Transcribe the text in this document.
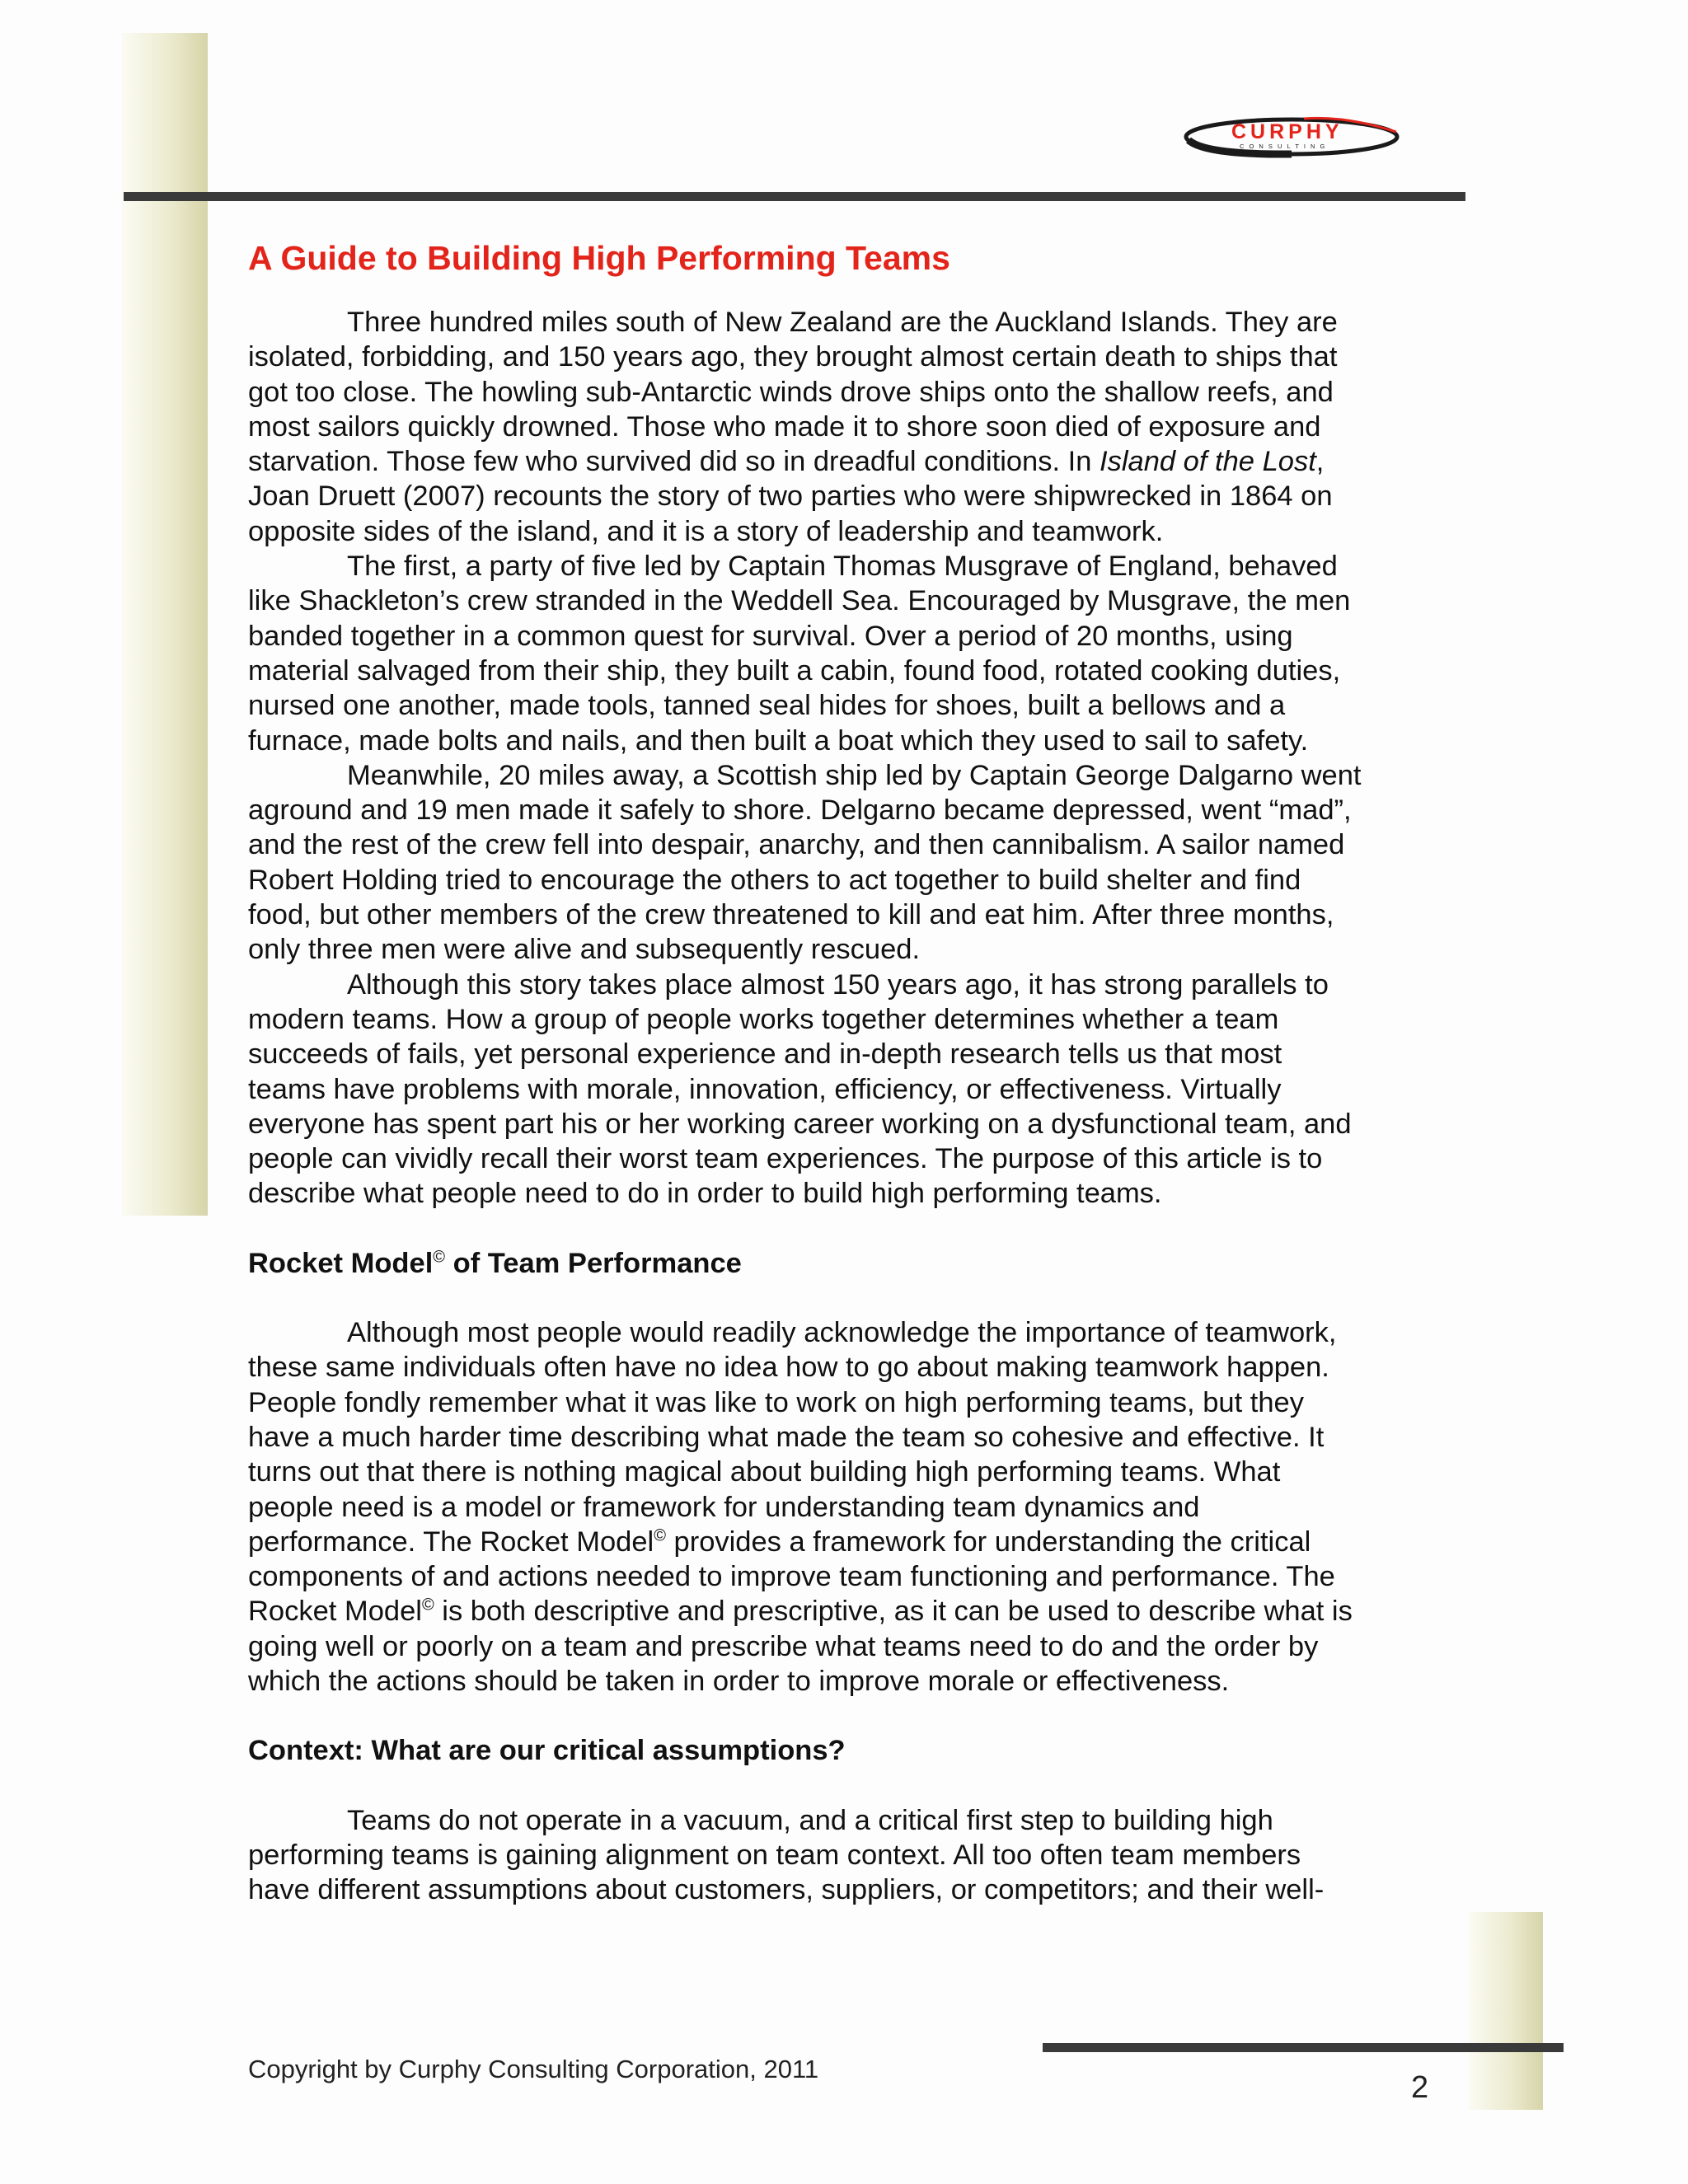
CURPHY
C O N S U L T I N G
A Guide to Building High Performing Teams

Three hundred miles south of New Zealand are the Auckland Islands. They are
isolated, forbidding, and 150 years ago, they brought almost certain death to ships that
got too close. The howling sub-Antarctic winds drove ships onto the shallow reefs, and
most sailors quickly drowned. Those who made it to shore soon died of exposure and
starvation. Those few who survived did so in dreadful conditions. In Island of the Lost,
Joan Druett (2007) recounts the story of two parties who were shipwrecked in 1864 on
opposite sides of the island, and it is a story of leadership and teamwork.

The first, a party of five led by Captain Thomas Musgrave of England, behaved
like Shackleton’s crew stranded in the Weddell Sea. Encouraged by Musgrave, the men
banded together in a common quest for survival. Over a period of 20 months, using
material salvaged from their ship, they built a cabin, found food, rotated cooking duties,
nursed one another, made tools, tanned seal hides for shoes, built a bellows and a
furnace, made bolts and nails, and then built a boat which they used to sail to safety.

Meanwhile, 20 miles away, a Scottish ship led by Captain George Dalgarno went
aground and 19 men made it safely to shore. Delgarno became depressed, went “mad”,
and the rest of the crew fell into despair, anarchy, and then cannibalism. A sailor named
Robert Holding tried to encourage the others to act together to build shelter and find
food, but other members of the crew threatened to kill and eat him. After three months,
only three men were alive and subsequently rescued.

Although this story takes place almost 150 years ago, it has strong parallels to
modern teams. How a group of people works together determines whether a team
succeeds of fails, yet personal experience and in-depth research tells us that most
teams have problems with morale, innovation, efficiency, or effectiveness. Virtually
everyone has spent part his or her working career working on a dysfunctional team, and
people can vividly recall their worst team experiences. The purpose of this article is to
describe what people need to do in order to build high performing teams.

Rocket Model© of Team Performance

Although most people would readily acknowledge the importance of teamwork,
these same individuals often have no idea how to go about making teamwork happen.
People fondly remember what it was like to work on high performing teams, but they
have a much harder time describing what made the team so cohesive and effective. It
turns out that there is nothing magical about building high performing teams. What
people need is a model or framework for understanding team dynamics and
performance. The Rocket Model© provides a framework for understanding the critical
components of and actions needed to improve team functioning and performance. The
Rocket Model© is both descriptive and prescriptive, as it can be used to describe what is
going well or poorly on a team and prescribe what teams need to do and the order by
which the actions should be taken in order to improve morale or effectiveness.

Context: What are our critical assumptions?

Teams do not operate in a vacuum, and a critical first step to building high
performing teams is gaining alignment on team context. All too often team members
have different assumptions about customers, suppliers, or competitors; and their well-

Copyright by Curphy Consulting Corporation, 2011
2
